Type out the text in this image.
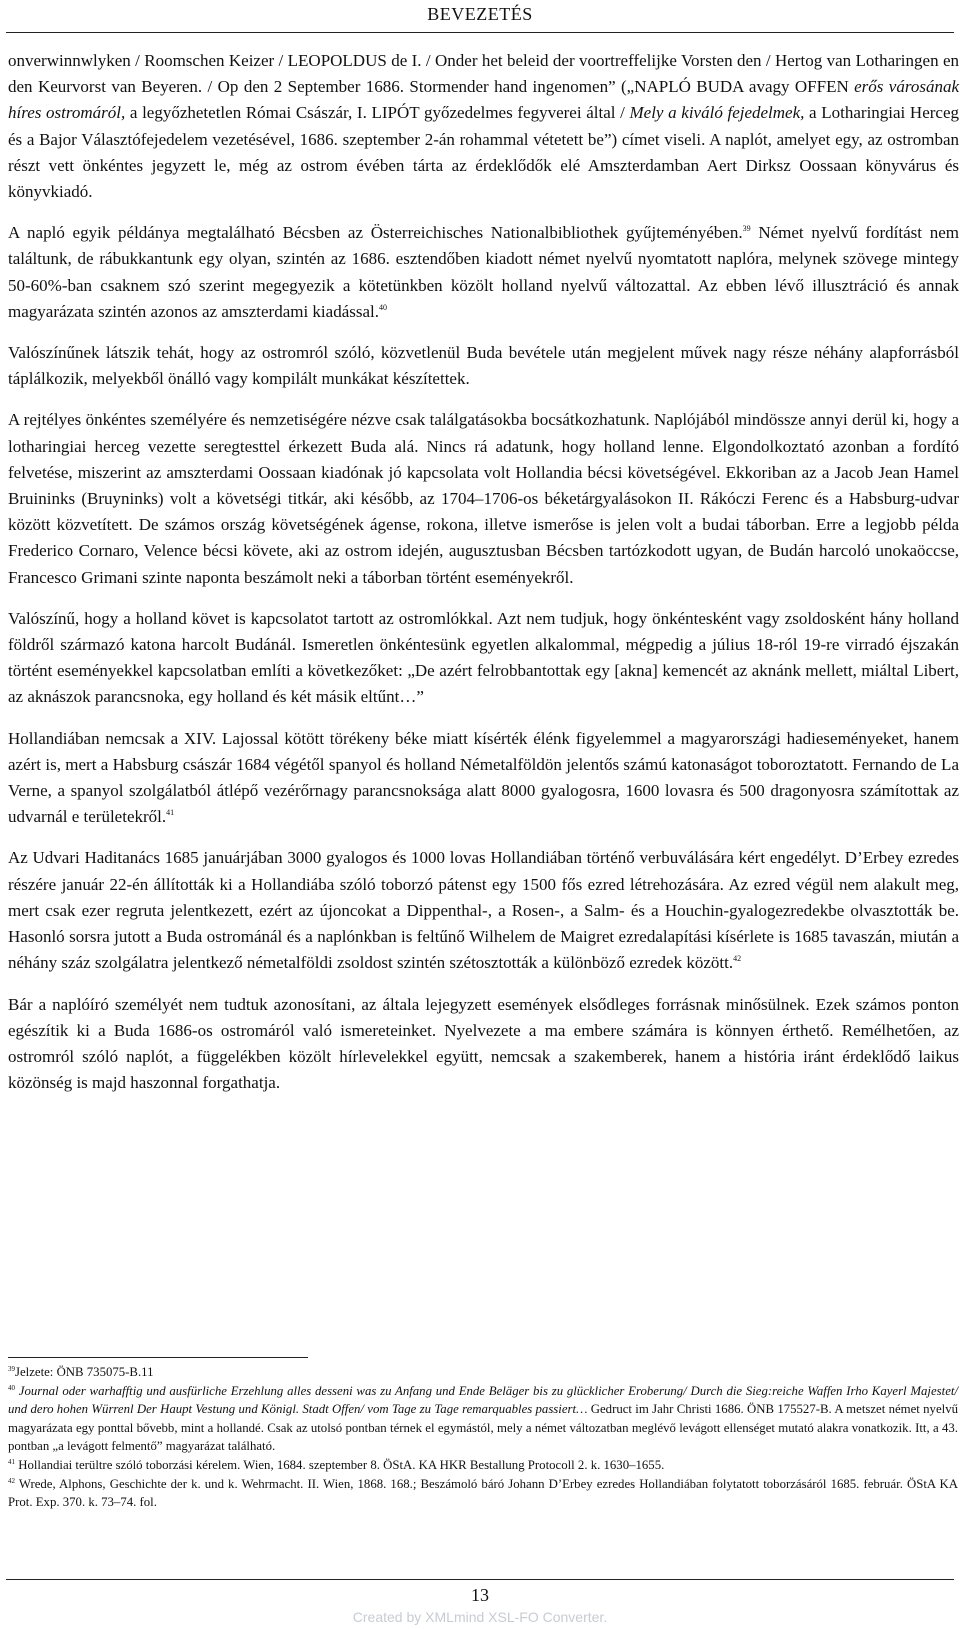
BEVEZETÉS

onverwinnwlyken / Roomschen Keizer / LEOPOLDUS de I. / Onder het beleid der voortreffelijke Vorsten den / Hertog van Lotharingen en den Keurvorst van Beyeren. / Op den 2 September 1686. Stormender hand ingenomen” („NAPLÓ BUDA avagy OFFEN erős városának híres ostromáról, a legyőzhetetlen Római Császár, I. LIPÓT győzedelmes fegyverei által / Mely a kiváló fejedelmek, a Lotharingiai Herceg és a Bajor Választófejedelem vezetésével, 1686. szeptember 2-án rohammal vétetett be”) címet viseli. A naplót, amelyet egy, az ostromban részt vett önkéntes jegyzett le, még az ostrom évében tárta az érdeklődők elé Amszterdamban Aert Dirksz Oossaan könyvárus és könyvkiadó.

A napló egyik példánya megtalálható Bécsben az Österreichisches Nationalbibliothek gyűjteményében.$^{39}$ Német nyelvű fordítást nem találtunk, de rábukkantunk egy olyan, szintén az 1686. esztendőben kiadott német nyelvű nyomtatott naplóra, melynek szövege mintegy 50-60%-ban csaknem szó szerint megegyezik a kötetünkben közölt holland nyelvű változattal. Az ebben lévő illusztráció és annak magyarázata szintén azonos az amszterdami kiadással.$^{40}$

Valószínűnek látszik tehát, hogy az ostromról szóló, közvetlenül Buda bevétele után megjelent művek nagy része néhány alapforrásból táplálkozik, melyekből önálló vagy kompilált munkákat készítettek.

A rejtélyes önkéntes személyére és nemzetiségére nézve csak találgatásokba bocsátkozhatunk. Naplójából mindössze annyi derül ki, hogy a lotharingiai herceg vezette seregtesttel érkezett Buda alá. Nincs rá adatunk, hogy holland lenne. Elgondolkoztató azonban a fordító felvetése, miszerint az amszterdami Oossaan kiadónak jó kapcsolata volt Hollandia bécsi követségével. Ekkoriban az a Jacob Jean Hamel Bruininks (Bruyninks) volt a követségi titkár, aki később, az 1704–1706-os béketárgyalásokon II. Rákóczi Ferenc és a Habsburg-udvar között közvetített. De számos ország követségének ágense, rokona, illetve ismerőse is jelen volt a budai táborban. Erre a legjobb példa Frederico Cornaro, Velence bécsi követe, aki az ostrom idején, augusztusban Bécsben tartózkodott ugyan, de Budán harcoló unokaöccse, Francesco Grimani szinte naponta beszámolt neki a táborban történt eseményekről.

Valószínű, hogy a holland követ is kapcsolatot tartott az ostromlókkal. Azt nem tudjuk, hogy önkéntesként vagy zsoldosként hány holland földről származó katona harcolt Budánál. Ismeretlen önkéntesünk egyetlen alkalommal, mégpedig a július 18-ról 19-re virradó éjszakán történt eseményekkel kapcsolatban említi a következőket: „De azért felrobbantottak egy [akna] kemencét az aknánk mellett, miáltal Libert, az aknászok parancsnoka, egy holland és két másik eltűnt…”

Hollandiában nemcsak a XIV. Lajossal kötött törékeny béke miatt kísérték élénk figyelemmel a magyarországi hadieseményeket, hanem azért is, mert a Habsburg császár 1684 végétől spanyol és holland Németalföldön jelentős számú katonaságot toboroztatott. Fernando de La Verne, a spanyol szolgálatból átlépő vezérőrnagy parancsnoksága alatt 8000 gyalogosra, 1600 lovasra és 500 dragonyosra számítottak az udvarnál e területekről.$^{41}$

Az Udvari Haditanács 1685 januárjában 3000 gyalogos és 1000 lovas Hollandiában történő verbuválására kért engedélyt. D’Erbey ezredes részére január 22-én állították ki a Hollandiába szóló toborzó pátenst egy 1500 fős ezred létrehozására. Az ezred végül nem alakult meg, mert csak ezer regruta jelentkezett, ezért az újoncokat a Dippenthal-, a Rosen-, a Salm- és a Houchin-gyalogezredekbe olvasztották be. Hasonló sorsra jutott a Buda ostrománál és a naplónkban is feltűnő Wilhelem de Maigret ezredalapítási kísérlete is 1685 tavaszán, miután a néhány száz szolgálatra jelentkező németalföldi zsoldost szintén szétosztották a különböző ezredek között.$^{42}$

Bár a naplóíró személyét nem tudtuk azonosítani, az általa lejegyzett események elsődleges forrásnak minősülnek. Ezek számos ponton egészítik ki a Buda 1686-os ostromáról való ismereteinket. Nyelvezete a ma embere számára is könnyen érthető. Remélhetően, az ostromról szóló naplót, a függelékben közölt hírlevelekkel együtt, nemcsak a szakemberek, hanem a história iránt érdeklődő laikus közönség is majd haszonnal forgathatja.

$^{39}$Jelzete: ÖNB 735075-B.11

$^{40}$ Journal oder warhafftig und ausfürliche Erzehlung alles desseni was zu Anfang und Ende Beläger bis zu glücklicher Eroberung/ Durch die Sieg:reiche Waffen Irho Kayerl Majestet/ und dero hohen Würrenl Der Haupt Vestung und Königl. Stadt Offen/ vom Tage zu Tage remarquables passiert… Gedruct im Jahr Christi 1686. ÖNB 175527-B. A metszet német nyelvű magyarázata egy ponttal bővebb, mint a hollandé. Csak az utolsó pontban térnek el egymástól, mely a német változatban meglévő levágott ellenséget mutató alakra vonatkozik. Itt, a 43. pontban „a levágott felmentő” magyarázat található.

$^{41}$ Hollandiai terültre szóló toborzási kérelem. Wien, 1684. szeptember 8. ÖStA. KA HKR Bestallung Protocoll 2. k. 1630–1655.

$^{42}$ Wrede, Alphons, Geschichte der k. und k. Wehrmacht. II. Wien, 1868. 168.; Beszámoló báró Johann D’Erbey ezredes Hollandiában folytatott toborzásáról 1685. február. ÖStA KA Prot. Exp. 370. k. 73–74. fol.

13
Created by XMLmind XSL-FO Converter.
